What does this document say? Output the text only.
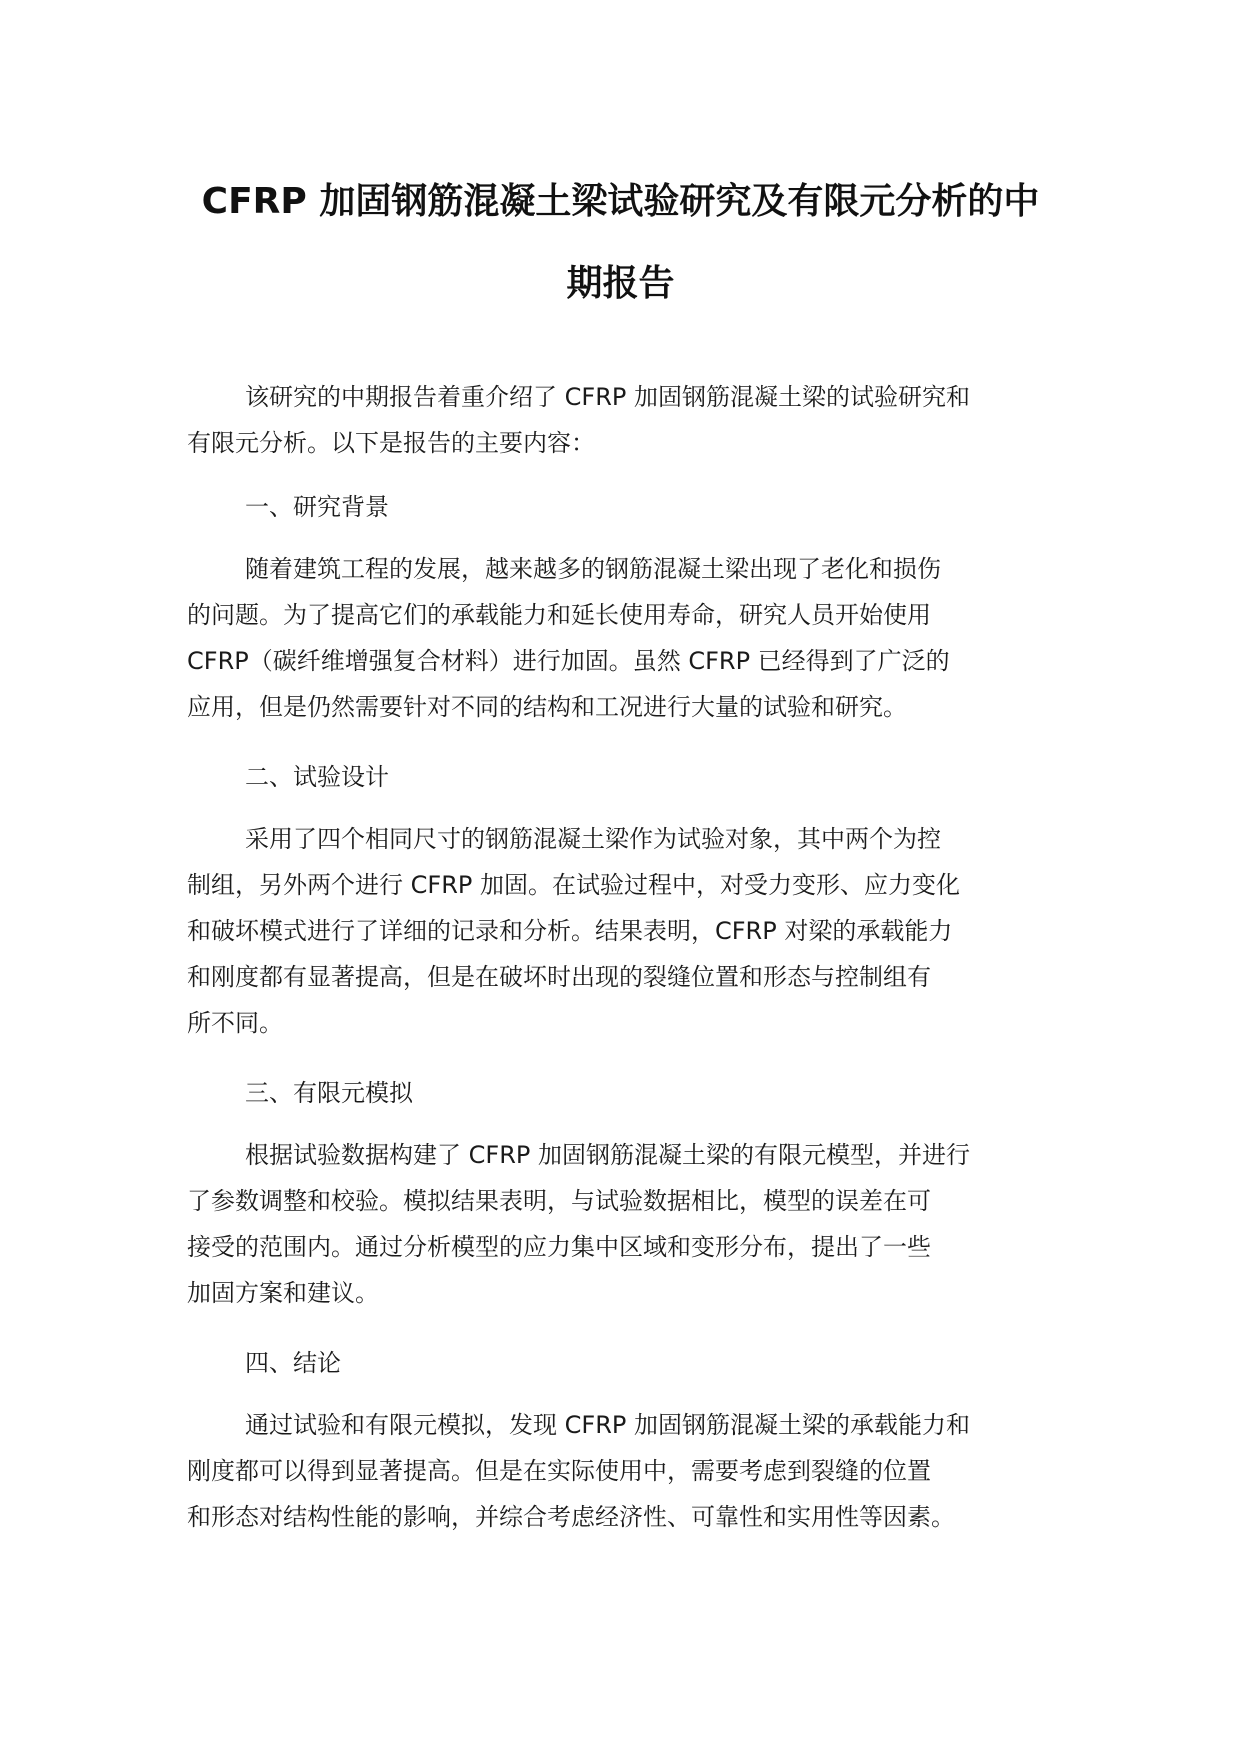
CFRP 加固钢筋混凝土梁试验研究及有限元分析的中
期报告

该研究的中期报告着重介绍了 CFRP 加固钢筋混凝土梁的试验研究和
有限元分析。以下是报告的主要内容：

一、研究背景

随着建筑工程的发展，越来越多的钢筋混凝土梁出现了老化和损伤
的问题。为了提高它们的承载能力和延长使用寿命，研究人员开始使用
CFRP（碳纤维增强复合材料）进行加固。虽然 CFRP 已经得到了广泛的
应用，但是仍然需要针对不同的结构和工况进行大量的试验和研究。

二、试验设计

采用了四个相同尺寸的钢筋混凝土梁作为试验对象，其中两个为控
制组，另外两个进行 CFRP 加固。在试验过程中，对受力变形、应力变化
和破坏模式进行了详细的记录和分析。结果表明，CFRP 对梁的承载能力
和刚度都有显著提高，但是在破坏时出现的裂缝位置和形态与控制组有
所不同。

三、有限元模拟

根据试验数据构建了 CFRP 加固钢筋混凝土梁的有限元模型，并进行
了参数调整和校验。模拟结果表明，与试验数据相比，模型的误差在可
接受的范围内。通过分析模型的应力集中区域和变形分布，提出了一些
加固方案和建议。

四、结论

通过试验和有限元模拟，发现 CFRP 加固钢筋混凝土梁的承载能力和
刚度都可以得到显著提高。但是在实际使用中，需要考虑到裂缝的位置
和形态对结构性能的影响，并综合考虑经济性、可靠性和实用性等因素。
